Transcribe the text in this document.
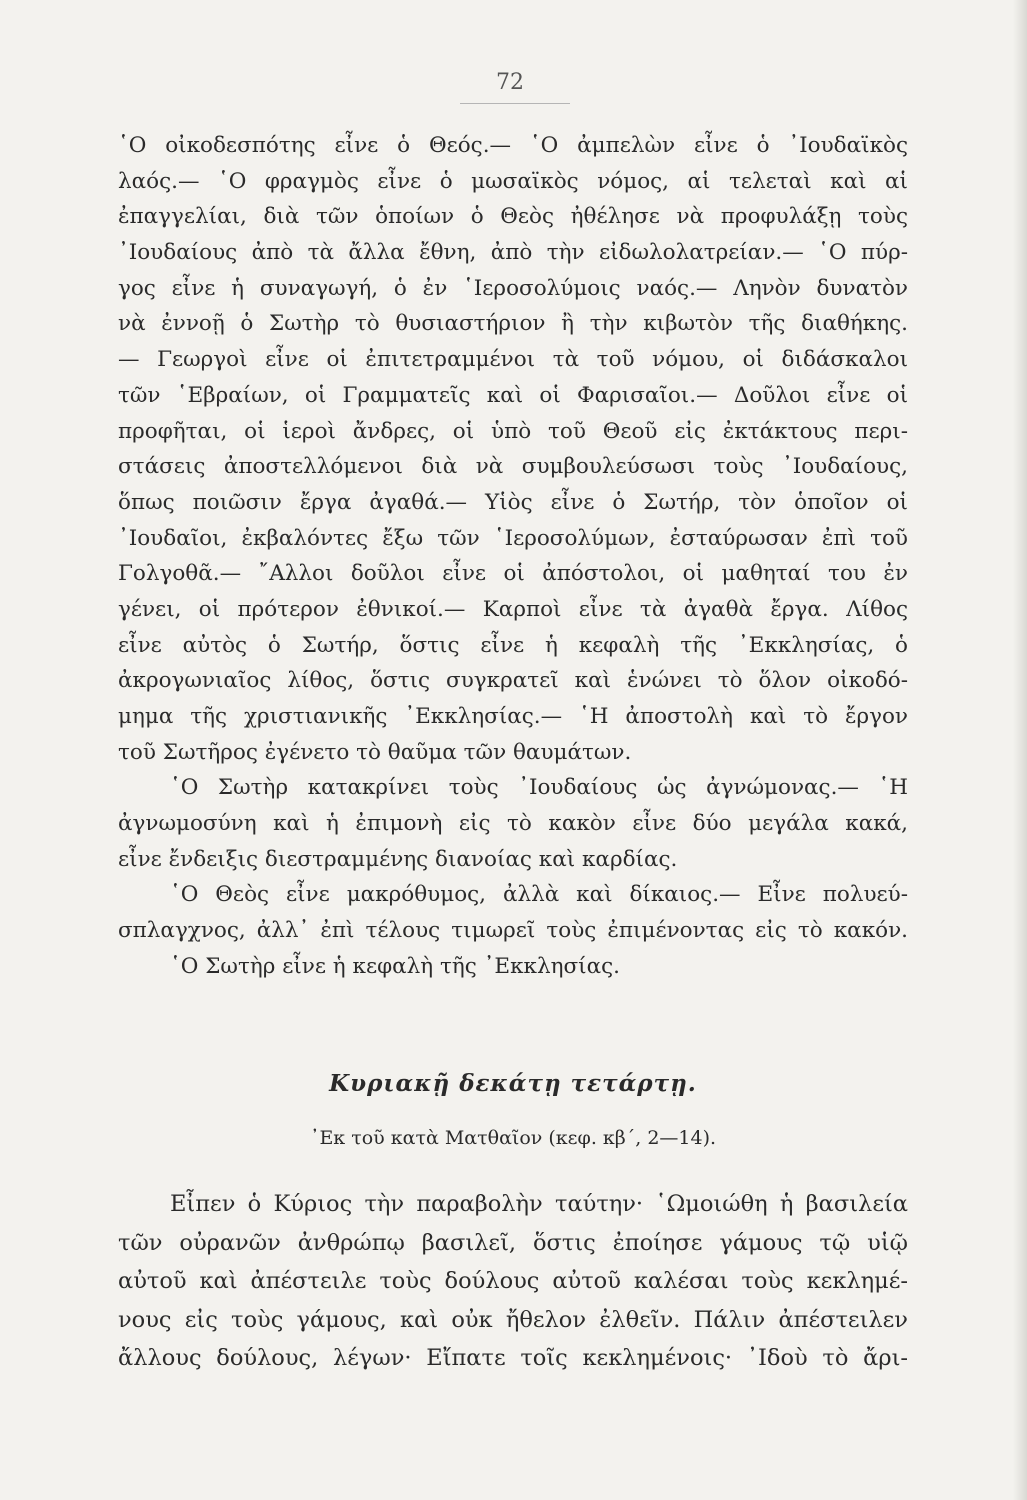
72
῾Ο οἰκοδεσπότης εἶνε ὁ Θεός.— ῾Ο ἀμπελὼν εἶνε ὁ ᾽Ιουδαϊκὸς
λαός.— ῾Ο φραγμὸς εἶνε ὁ μωσαϊκὸς νόμος, αἱ τελεταὶ καὶ αἱ
ἐπαγγελίαι, διὰ τῶν ὁποίων ὁ Θεὸς ἠθέλησε νὰ προφυλάξῃ τοὺς
᾽Ιουδαίους ἀπὸ τὰ ἄλλα ἔθνη, ἀπὸ τὴν εἰδωλολατρείαν.— ῾Ο πύρ-
γος εἶνε ἡ συναγωγή, ὁ ἐν ῾Ιεροσολύμοις ναός.— Ληνὸν δυνατὸν
νὰ ἐννοῇ ὁ Σωτὴρ τὸ θυσιαστήριον ἢ τὴν κιβωτὸν τῆς διαθήκης.
— Γεωργοὶ εἶνε οἱ ἐπιτετραμμένοι τὰ τοῦ νόμου, οἱ διδάσκαλοι
τῶν ῾Εβραίων, οἱ Γραμματεῖς καὶ οἱ Φαρισαῖοι.— Δοῦλοι εἶνε οἱ
προφῆται, οἱ ἱεροὶ ἄνδρες, οἱ ὑπὸ τοῦ Θεοῦ εἰς ἐκτάκτους περι-
στάσεις ἀποστελλόμενοι διὰ νὰ συμβουλεύσωσι τοὺς ᾽Ιουδαίους,
ὅπως ποιῶσιν ἔργα ἀγαθά.— Υἱὸς εἶνε ὁ Σωτήρ, τὸν ὁποῖον οἱ
᾽Ιουδαῖοι, ἐκβαλόντες ἔξω τῶν ῾Ιεροσολύμων, ἐσταύρωσαν ἐπὶ τοῦ
Γολγοθᾶ.— ῎Αλλοι δοῦλοι εἶνε οἱ ἀπόστολοι, οἱ μαθηταί του ἐν
γένει, οἱ πρότερον ἐθνικοί.— Καρποὶ εἶνε τὰ ἀγαθὰ ἔργα. Λίθος
εἶνε αὐτὸς ὁ Σωτήρ, ὅστις εἶνε ἡ κεφαλὴ τῆς ᾽Εκκλησίας, ὁ
ἀκρογωνιαῖος λίθος, ὅστις συγκρατεῖ καὶ ἑνώνει τὸ ὅλον οἰκοδό-
μημα τῆς χριστιανικῆς ᾽Εκκλησίας.— ῾Η ἀποστολὴ καὶ τὸ ἔργον
τοῦ Σωτῆρος ἐγένετο τὸ θαῦμα τῶν θαυμάτων.
῾Ο Σωτὴρ κατακρίνει τοὺς ᾽Ιουδαίους ὡς ἀγνώμονας.— ῾Η
ἀγνωμοσύνη καὶ ἡ ἐπιμονὴ εἰς τὸ κακὸν εἶνε δύο μεγάλα κακά,
εἶνε ἔνδειξις διεστραμμένης διανοίας καὶ καρδίας.
῾Ο Θεὸς εἶνε μακρόθυμος, ἀλλὰ καὶ δίκαιος.— Εἶνε πολυεύ-
σπλαγχνος, ἀλλ᾽ ἐπὶ τέλους τιμωρεῖ τοὺς ἐπιμένοντας εἰς τὸ κακόν.
῾Ο Σωτὴρ εἶνε ἡ κεφαλὴ τῆς ᾽Εκκλησίας.
Κυριακῇ δεκάτῃ τετάρτῃ.
᾽Εκ τοῦ κατὰ Ματθαῖον (κεφ. κβ΄, 2—14).
Εἶπεν ὁ Κύριος τὴν παραβολὴν ταύτην· ῾Ωμοιώθη ἡ βασιλεία
τῶν οὐρανῶν ἀνθρώπῳ βασιλεῖ, ὅστις ἐποίησε γάμους τῷ υἱῷ
αὐτοῦ καὶ ἀπέστειλε τοὺς δούλους αὐτοῦ καλέσαι τοὺς κεκλημέ-
νους εἰς τοὺς γάμους, καὶ οὐκ ἤθελον ἐλθεῖν. Πάλιν ἀπέστειλεν
ἄλλους δούλους, λέγων· Εἴπατε τοῖς κεκλημένοις· ᾽Ιδοὺ τὸ ἄρι-
